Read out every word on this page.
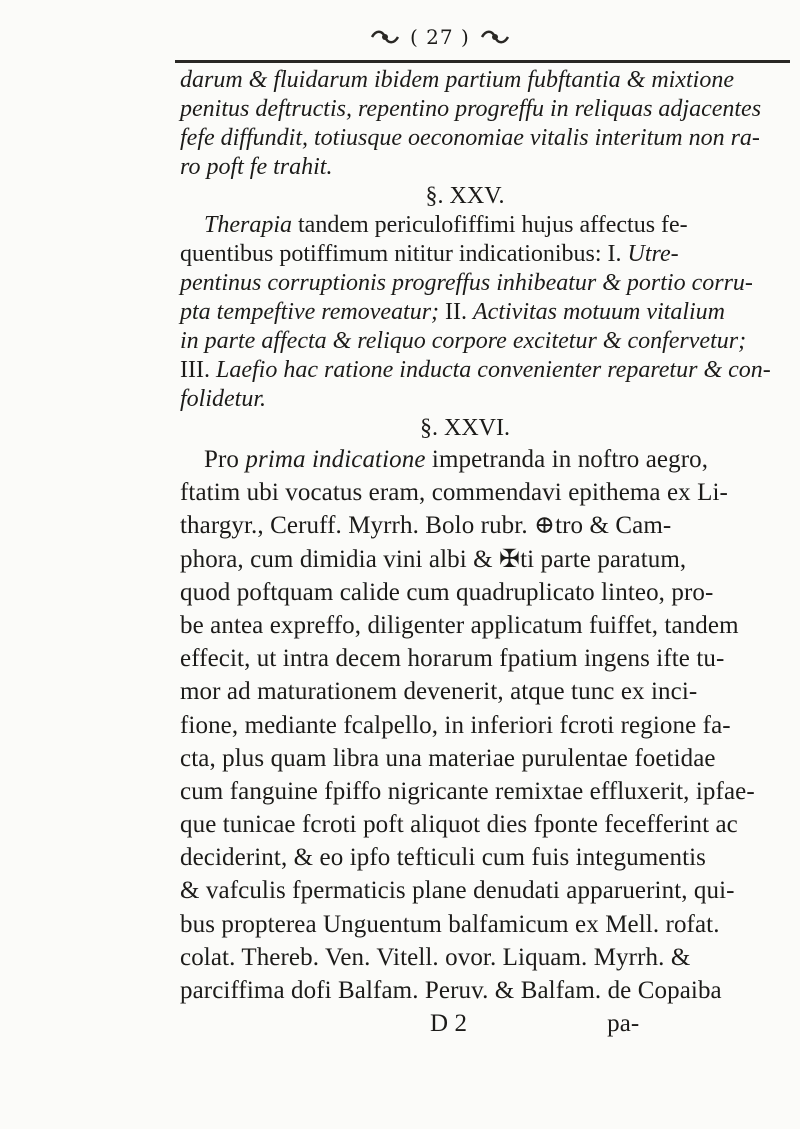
( 27 )
darum & fluidarum ibidem partium fubftantia & mixtione
penitus deftructis, repentino progreffu in reliquas adjacentes
fefe diffundit, totiusque oeconomiae vitalis interitum non ra-
ro poft fe trahit.
§. XXV.
Therapia tandem periculofiffimi hujus affectus fe-
quentibus potiffimum nititur indicationibus: I. Utre-
pentinus corruptionis progreffus inhibeatur & portio corru-
pta tempeftive removeatur; II. Activitas motuum vitalium
in parte affecta & reliquo corpore excitetur & confervetur;
III. Laefio hac ratione inducta convenienter reparetur & con-
folidetur.
§. XXVI.
Pro prima indicatione impetranda in noftro aegro,
ftatim ubi vocatus eram, commendavi epithema ex Li-
thargyr., Ceruff. Myrrh. Bolo rubr. ⊕tro & Cam-
phora, cum dimidia vini albi & ✠ti parte paratum,
quod poftquam calide cum quadruplicato linteo, pro-
be antea expreffo, diligenter applicatum fuiffet, tandem
effecit, ut intra decem horarum fpatium ingens ifte tu-
mor ad maturationem devenerit, atque tunc ex inci-
fione, mediante fcalpello, in inferiori fcroti regione fa-
cta, plus quam libra una materiae purulentae foetidae
cum fanguine fpiffo nigricante remixtae effluxerit, ipfae-
que tunicae fcroti poft aliquot dies fponte fecefferint ac
deciderint, & eo ipfo tefticuli cum fuis integumentis
& vafculis fpermaticis plane denudati apparuerint, qui-
bus propterea Unguentum balfamicum ex Mell. rofat.
colat. Thereb. Ven. Vitell. ovor. Liquam. Myrrh. &
parciffima dofi Balfam. Peruv. & Balfam. de Copaiba
D 2	pa-
